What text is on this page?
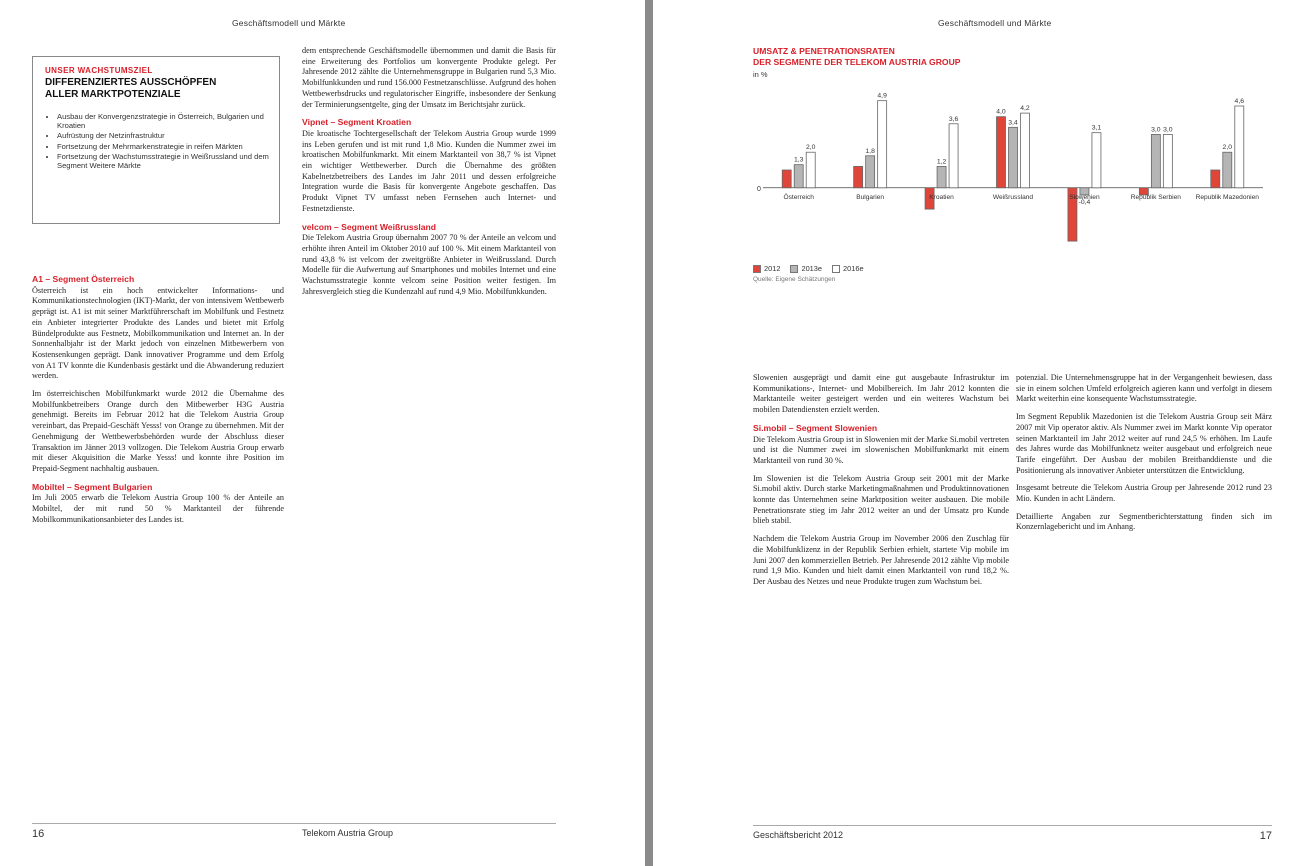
Geschäftsmodell und Märkte
UNSER WACHSTUMSZIEL
DIFFERENZIERTES AUSSCHÖPFEN
ALLER MARKTPOTENZIALE
• Ausbau der Konvergenzstrategie in Österreich, Bulgarien und Kroatien
• Aufrüstung der Netzinfrastruktur
• Fortsetzung der Mehrmarkenstrategie in reifen Märkten
• Fortsetzung der Wachstumsstrategie in Weißrussland und dem Segment Weitere Märkte
A1 – Segment Österreich

Österreich ist ein hoch entwickelter Informations- und Kommunikationstechnologien (IKT)-Markt, der von intensivem Wettbewerb geprägt ist. A1 ist mit seiner Marktführerschaft im Mobilfunk und Festnetz ein Anbieter integrierter Produkte des Landes und bietet mit Erfolg Bündelprodukte aus Festnetz, Mobilkommunikation und Internet an. In der Sonnenhalbjahr ist der Markt jedoch von einzelnen Mitbewerbern von Kostensenkungen geprägt. Dank innovativer Programme und dem Erfolg von A1 TV konnte die Kundenbasis gestärkt und die Abwanderung reduziert werden.

Im österreichischen Mobilfunkmarkt wurde 2012 die Übernahme des Mobilfunkbetreibers Orange durch den Mitbewerber H3G Austria genehmigt. Bereits im Februar 2012 hat die Telekom Austria Group vereinbart, das Prepaid-Geschäft Yesss! von Orange zu übernehmen. Mit der Genehmigung der Wettbewerbsbehörden wurde der Abschluss dieser Transaktion im Jänner 2013 vollzogen. Die Telekom Austria Group erwarb mit dieser Akquisition die Marke Yesss! und konnte ihre Position im Prepaid-Segment nachhaltig ausbauen.

Mobiltel – Segment Bulgarien

Im Juli 2005 erwarb die Telekom Austria Group 100 % der Anteile an Mobiltel, der mit rund 50 % Marktanteil der führende Mobilkommunikationsanbieter des Landes ist.

dem entsprechende Geschäftsmodelle übernommen und damit die Basis für eine Erweiterung des Portfolios um konvergente Produkte gelegt. Per Jahresende 2012 zählte die Unternehmensgruppe in Bulgarien rund 5,3 Mio. Mobilfunkkunden und rund 156.000 Festnetzanschlüsse. Aufgrund des hohen Wettbewerbsdrucks und regulatorischer Eingriffe, insbesondere der Senkung der Terminierungsentgelte, ging der Umsatz im Berichtsjahr zurück.

Vipnet – Segment Kroatien

Die kroatische Tochtergesellschaft der Telekom Austria Group wurde 1999 ins Leben gerufen und ist mit rund 1,8 Mio. Kunden die Nummer zwei im kroatischen Mobilfunkmarkt. Mit einem Marktanteil von 38,7 % ist Vipnet ein wichtiger Wettbewerber. Durch die Übernahme des größten Kabelnetzbetreibers des Landes im Jahr 2011 und dessen erfolgreiche Integration wurde die Basis für konvergente Angebote geschaffen. Das Produkt Vipnet TV umfasst neben Fernsehen auch Internet- und Festnetzdienste.

velcom – Segment Weißrussland

Die Telekom Austria Group übernahm 2007 70 % der Anteile an velcom und erhöhte ihren Anteil im Oktober 2010 auf 100 %. Mit einem Marktanteil von rund 43,8 % ist velcom der zweitgrößte Anbieter in Weißrussland. Durch Modelle für die Aufwertung auf Smartphones und mobiles Internet und eine Wachstumsstrategie konnte velcom seine Position weiter festigen. Im Jahresvergleich stieg die Kundenzahl auf rund 4,9 Mio. Mobilfunkkunden.

16	Telekom Austria Group
Geschäftsmodell und Märkte
UMSATZ & PENETRATIONSRATEN
DER SEGMENTE DER TELEKOM AUSTRIA GROUP
in %
0
1,3
2,0
Österreich
1,8
4,9
Bulgarien
1,2
3,6
Kroatien
4,0
3,4
4,2
Weißrussland
-0,4
3,1
Slowenien
3,0 3,0
Republik Serbien
2,0
4,6
Republik Mazedonien
2012	2013e	2016e
Quelle: Eigene Schätzungen

Slowenien ausgeprägt und damit eine gut ausgebaute Infrastruktur im Kommunikations-, Internet- und Mobilbereich. Im Jahr 2012 konnten die Marktanteile weiter gesteigert werden und ein weiteres Wachstum bei mobilen Datendiensten erzielt werden.

Si.mobil – Segment Slowenien

Die Telekom Austria Group ist in Slowenien mit der Marke Si.mobil vertreten und ist die Nummer zwei im slowenischen Mobilfunkmarkt mit einem Marktanteil von rund 30 %.

Im Slowenien ist die Telekom Austria Group seit 2001 mit der Marke Si.mobil aktiv. Durch starke Marketingmaßnahmen und Produktinnovationen konnte das Unternehmen seine Marktposition weiter ausbauen. Die mobile Penetrationsrate stieg im Jahr 2012 weiter an und der Umsatz pro Kunde blieb stabil.

Nachdem die Telekom Austria Group im November 2006 den Zuschlag für die Mobilfunklizenz in der Republik Serbien erhielt, startete Vip mobile im Juni 2007 den kommerziellen Betrieb. Per Jahresende 2012 zählte Vip mobile rund 1,9 Mio. Kunden und hielt damit einen Marktanteil von rund 18,2 %. Der Ausbau des Netzes und neue Produkte trugen zum Wachstum bei.

potenzial. Die Unternehmensgruppe hat in der Vergangenheit bewiesen, dass sie in einem solchen Umfeld erfolgreich agieren kann und verfolgt in diesem Markt weiterhin eine konsequente Wachstumsstrategie.

Im Segment Republik Mazedonien ist die Telekom Austria Group seit März 2007 mit Vip operator aktiv. Als Nummer zwei im Markt konnte Vip operator seinen Marktanteil im Jahr 2012 weiter auf rund 24,5 % erhöhen. Im Laufe des Jahres wurde das Mobilfunknetz weiter ausgebaut und erfolgreich neue Tarife eingeführt. Der Ausbau der mobilen Breitbanddienste und die Positionierung als innovativer Anbieter unterstützen die Entwicklung.

Insgesamt betreute die Telekom Austria Group per Jahresende 2012 rund 23 Mio. Kunden in acht Ländern.

Detaillierte Angaben zur Segmentberichterstattung finden sich im Konzernlagebericht und im Anhang.

Geschäftsbericht 2012	17
